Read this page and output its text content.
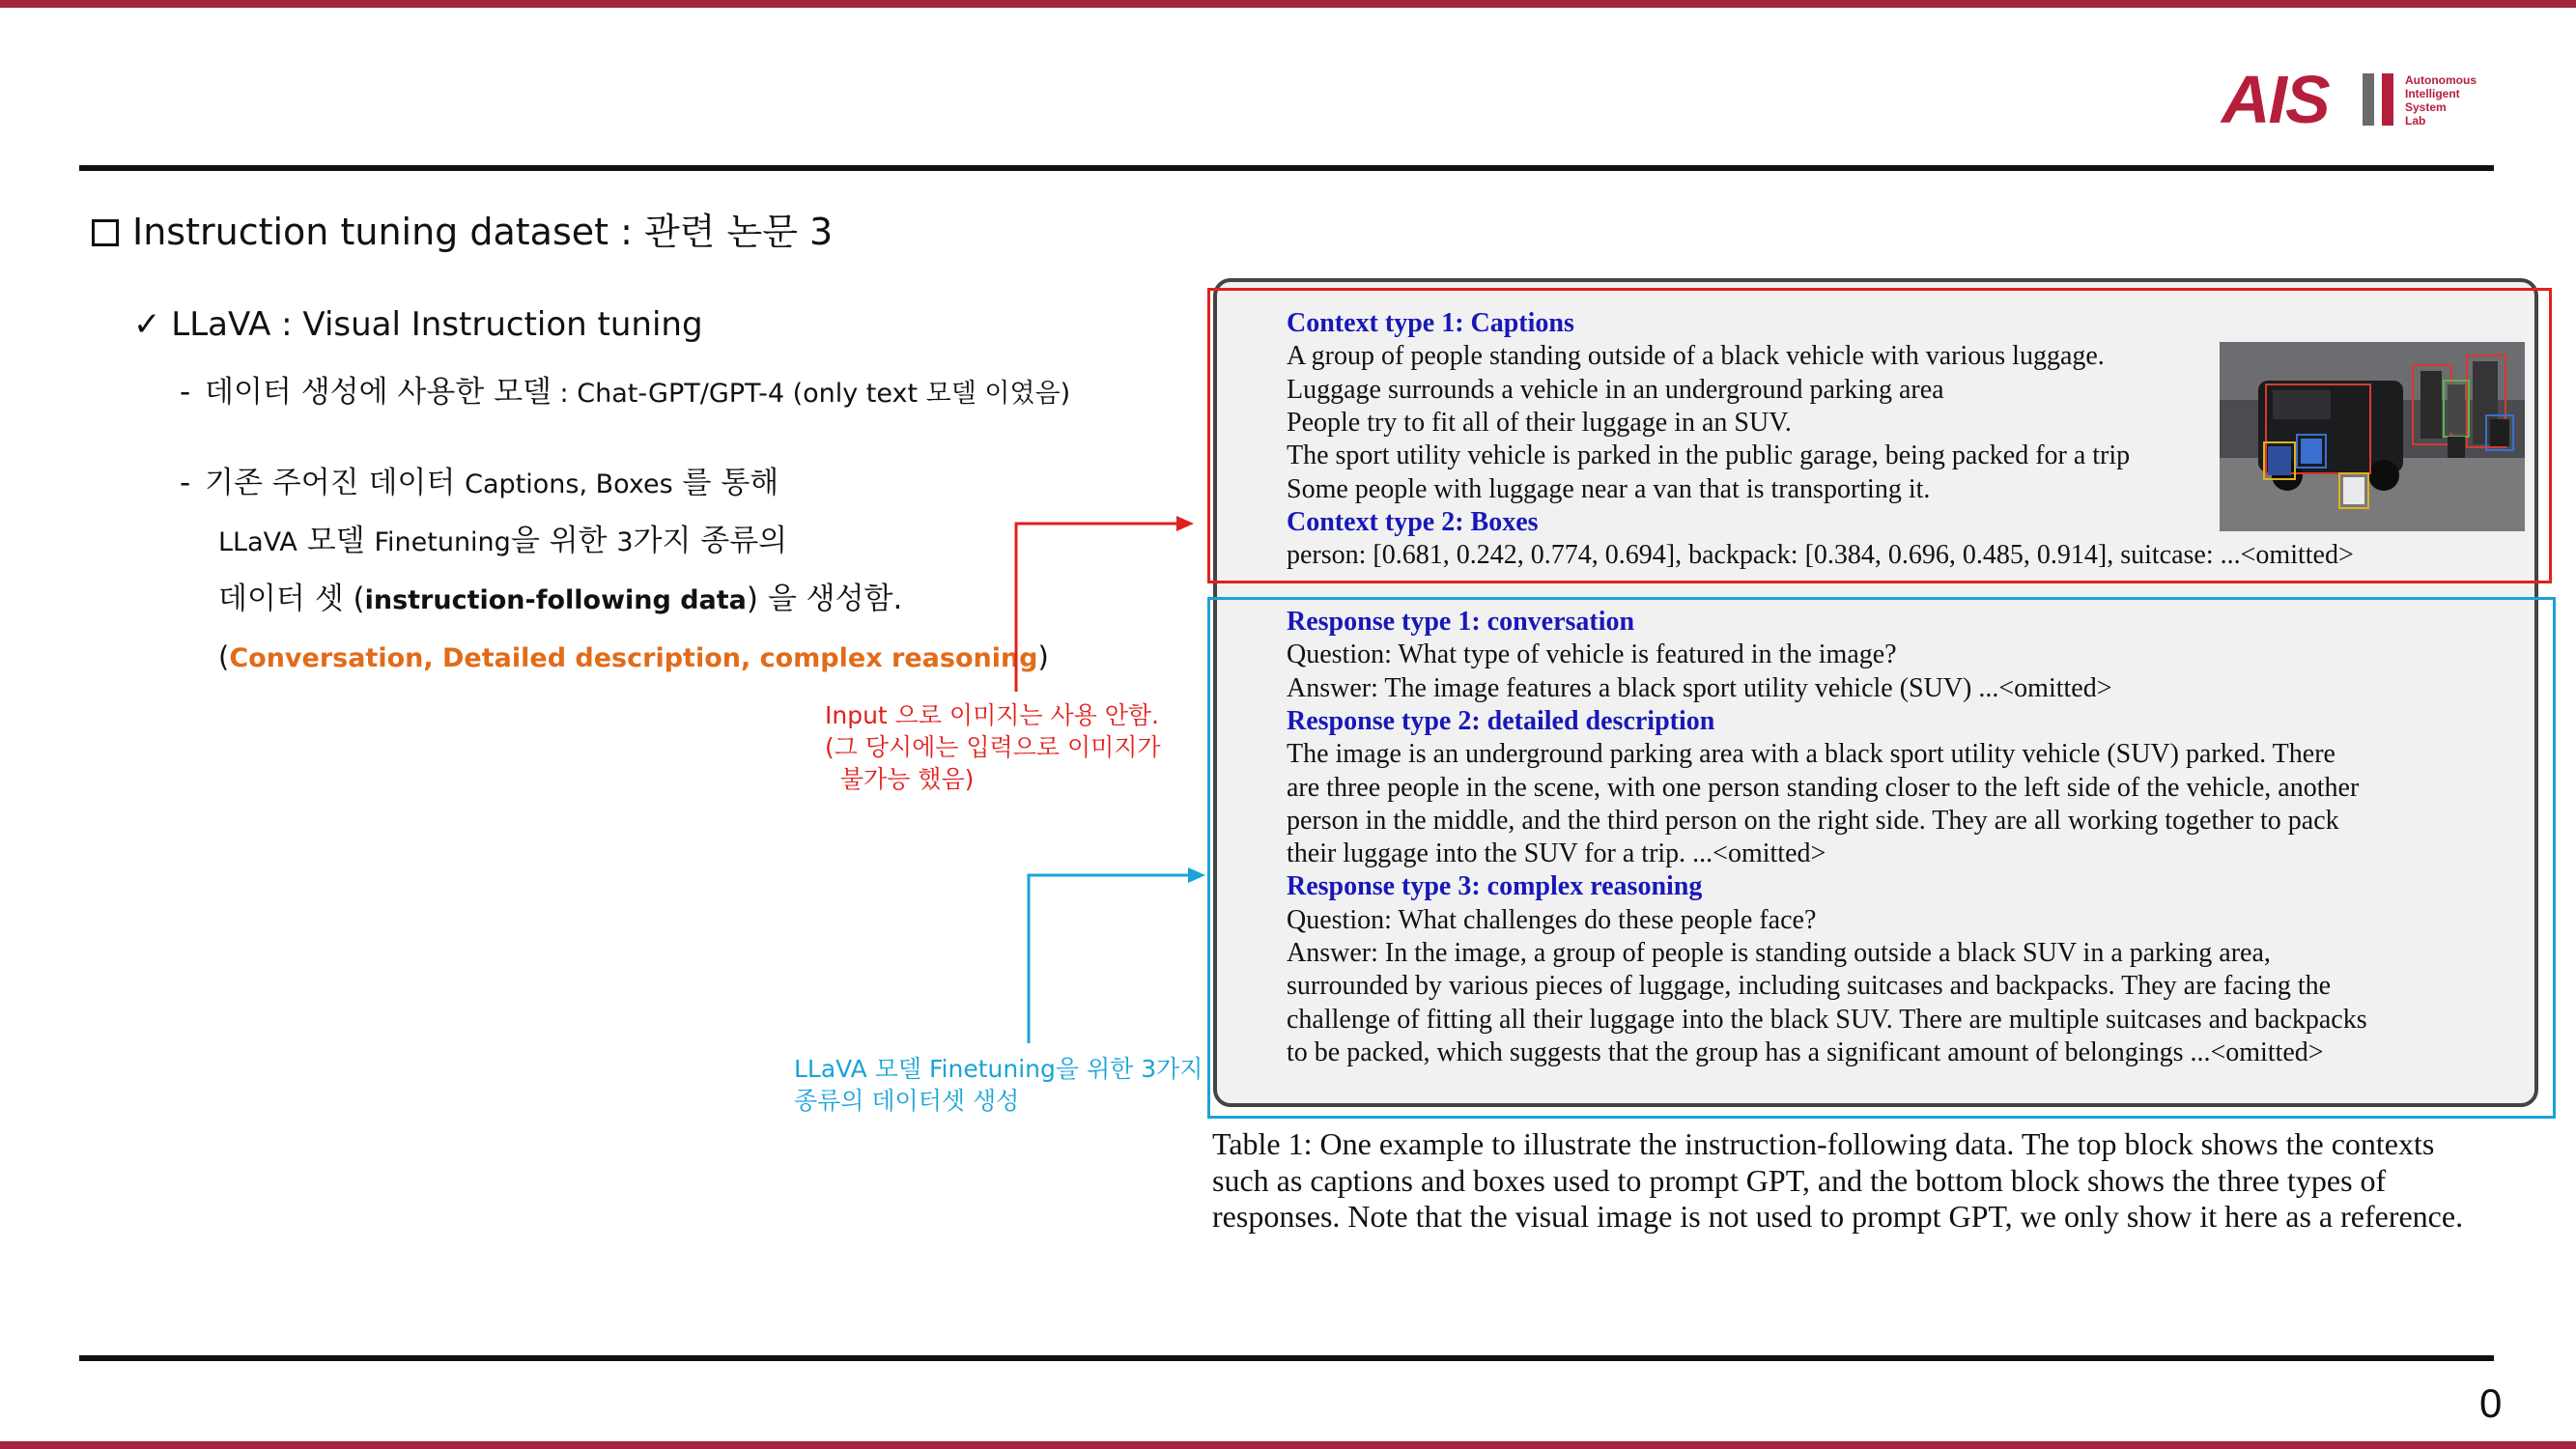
AIS	Autonomous
Intelligent
System
Lab
Instruction tuning dataset : 관련 논문 3
✓ LLaVA : Visual Instruction tuning
- 데이터 생성에 사용한 모델 : Chat-GPT/GPT-4 (only text 모델 이였음)
- 기존 주어진 데이터 Captions, Boxes 를 통해
LLaVA 모델 Finetuning을 위한 3가지 종류의
데이터 셋 (instruction-following data) 을 생성함.
(Conversation, Detailed description, complex reasoning)
Input 으로 이미지는 사용 안함.
(그 당시에는 입력으로 이미지가
불가능 했음)
LLaVA 모델 Finetuning을 위한 3가지
종류의 데이터셋 생성
Context type 1: Captions
A group of people standing outside of a black vehicle with various luggage.
Luggage surrounds a vehicle in an underground parking area
People try to fit all of their luggage in an SUV.
The sport utility vehicle is parked in the public garage, being packed for a trip
Some people with luggage near a van that is transporting it.
Context type 2: Boxes
person: [0.681, 0.242, 0.774, 0.694], backpack: [0.384, 0.696, 0.485, 0.914], suitcase: ...<omitted>
Response type 1: conversation
Question: What type of vehicle is featured in the image?
Answer: The image features a black sport utility vehicle (SUV) ...<omitted>
Response type 2: detailed description
The image is an underground parking area with a black sport utility vehicle (SUV) parked. There
are three people in the scene, with one person standing closer to the left side of the vehicle, another
person in the middle, and the third person on the right side. They are all working together to pack
their luggage into the SUV for a trip. ...<omitted>
Response type 3: complex reasoning
Question: What challenges do these people face?
Answer: In the image, a group of people is standing outside a black SUV in a parking area,
surrounded by various pieces of luggage, including suitcases and backpacks. They are facing the
challenge of fitting all their luggage into the black SUV. There are multiple suitcases and backpacks
to be packed, which suggests that the group has a significant amount of belongings ...<omitted>
Table 1: One example to illustrate the instruction-following data. The top block shows the contexts
such as captions and boxes used to prompt GPT, and the bottom block shows the three types of
responses. Note that the visual image is not used to prompt GPT, we only show it here as a reference.
0
